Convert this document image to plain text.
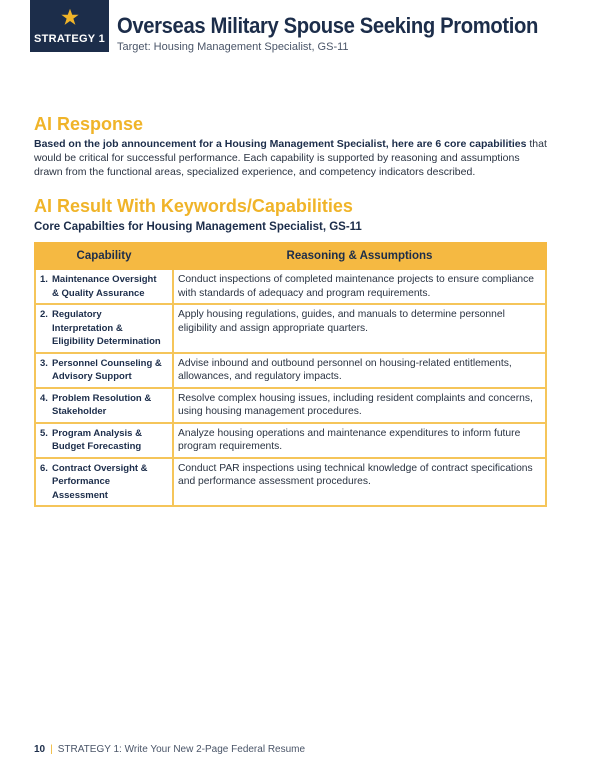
STRATEGY 1
Overseas Military Spouse Seeking Promotion
Target: Housing Management Specialist, GS-11
AI Response
Based on the job announcement for a Housing Management Specialist, here are 6 core capabilities that would be critical for successful performance. Each capability is supported by reasoning and assumptions drawn from the functional areas, specialized experience, and competency indicators described.
AI Result With Keywords/Capabilities
Core Capabilties for Housing Management Specialist, GS-11
Capability	Reasoning & Assumptions
1. Maintenance Oversight & Quality Assurance	Conduct inspections of completed maintenance projects to ensure compliance with standards of adequacy and program requirements.
2. Regulatory Interpretation & Eligibility Determination	Apply housing regulations, guides, and manuals to determine personnel eligibility and assign appropriate quarters.
3. Personnel Counseling & Advisory Support	Advise inbound and outbound personnel on housing-related entitlements, allowances, and regulatory impacts.
4. Problem Resolution & Stakeholder	Resolve complex housing issues, including resident complaints and concerns, using housing management procedures.
5. Program Analysis & Budget Forecasting	Analyze housing operations and maintenance expenditures to inform future program requirements.
6. Contract Oversight & Performance Assessment	Conduct PAR inspections using technical knowledge of contract specifications and performance assessment procedures.
10 | STRATEGY 1: Write Your New 2-Page Federal Resume
